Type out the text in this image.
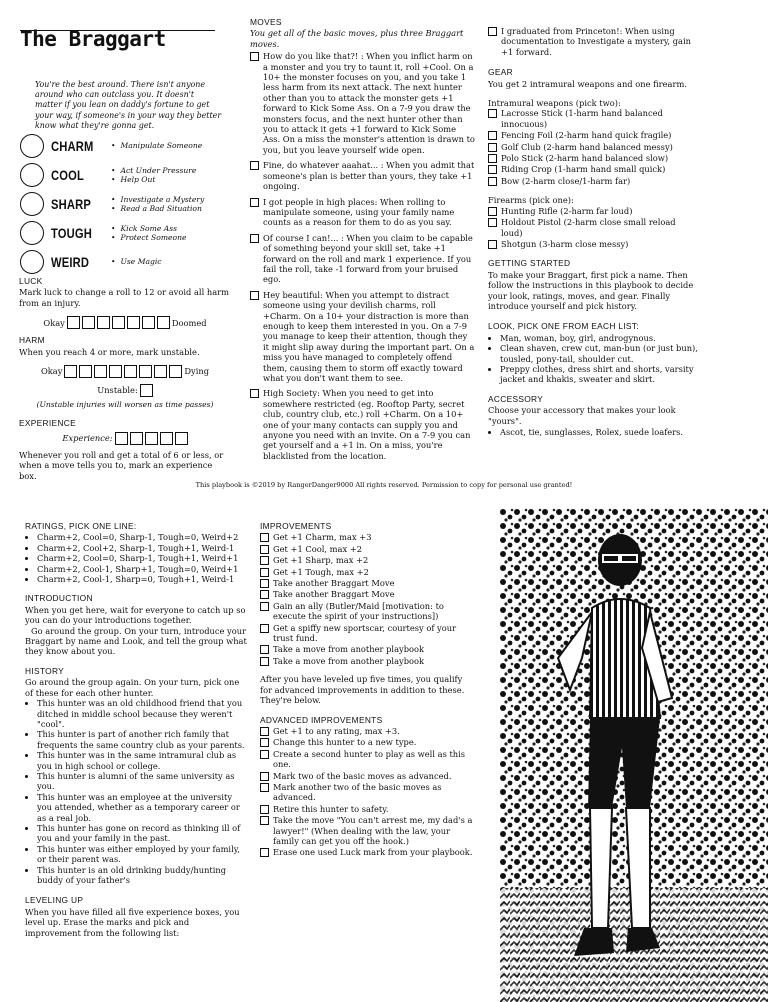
The Braggart
You're the best around. There isn't anyone around who can outclass you. It doesn't matter if you lean on daddy's fortune to get your way, if someone's in your way they better know what they're gonna get.
CHARM	• Manipulate Someone
COOL	• Act Under Pressure
• Help Out
SHARP	• Investigate a Mystery
• Read a Bad Situation
TOUGH	• Kick Some Ass
• Protect Someone
WEIRD	• Use Magic
LUCK

Mark luck to change a roll to 12 or avoid all harm from an injury.

Okay	Doomed
HARM

When you reach 4 or more, mark unstable.

Okay	Dying
Unstable:
(Unstable injuries will worsen as time passes)
EXPERIENCE
Experience:

Whenever you roll and get a total of 6 or less, or when a move tells you to, mark an experience box.

MOVES
You get all of the basic moves, plus three Braggart moves.
How do you like that?! : When you inflict harm on a monster and you try to taunt it, roll +Cool. On a 10+ the monster focuses on you, and you take 1 less harm from its next attack. The next hunter other than you to attack the monster gets +1 forward to Kick Some Ass. On a 7-9 you draw the monsters focus, and the next hunter other than you to attack it gets +1 forward to Kick Some Ass. On a miss the monster's attention is drawn to you, but you leave yourself wide open.
Fine, do whatever aaahat... : When you admit that someone's plan is better than yours, they take +1 ongoing.
I got people in high places: When rolling to manipulate someone, using your family name counts as a reason for them to do as you say.
Of course I can!... : When you claim to be capable of something beyond your skill set, take +1 forward on the roll and mark 1 experience. If you fail the roll, take -1 forward from your bruised ego.
Hey beautiful: When you attempt to distract someone using your devilish charms, roll +Charm. On a 10+ your distraction is more than enough to keep them interested in you. On a 7-9 you manage to keep their attention, though they it might slip away during the important part. On a miss you have managed to completely offend them, causing them to storm off exactly toward what you don't want them to see.
High Society: When you need to get into somewhere restricted (eg. Rooftop Party, secret club, country club, etc.) roll +Charm. On a 10+ one of your many contacts can supply you and anyone you need with an invite. On a 7-9 you can get yourself and a +1 in. On a miss, you're blacklisted from the location.
I graduated from Princeton!: When using documentation to Investigate a mystery, gain +1 forward.
GEAR

You get 2 intramural weapons and one firearm.

Intramural weapons (pick two):
Lacrosse Stick (1-harm hand balanced innocuous)
Fencing Foil (2-harm hand quick fragile)
Golf Club (2-harm hand balanced messy)
Polo Stick (2-harm hand balanced slow)
Riding Crop (1-harm hand small quick)
Bow (2-harm close/1-harm far)
Firearms (pick one):
Hunting Rifle (2-harm far loud)
Holdout Pistol (2-harm close small reload loud)
Shotgun (3-harm close messy)
GETTING STARTED

To make your Braggart, first pick a name. Then follow the instructions in this playbook to decide your look, ratings, moves, and gear. Finally introduce yourself and pick history.

LOOK, PICK ONE FROM EACH LIST:
• Man, woman, boy, girl, androgynous.
• Clean shaven, crew cut, man-bun (or just bun), tousled, pony-tail, shoulder cut.
• Preppy clothes, dress shirt and shorts, varsity jacket and khakis, sweater and skirt.
ACCESSORY

Choose your accessory that makes your look "yours".

• Ascot, tie, sunglasses, Rolex, suede loafers.
This playbook is ©2019 by RangerDanger9000 All rights reserved. Permission to copy for personal use granted!
RATINGS, PICK ONE LINE:
• Charm+2, Cool=0, Sharp-1, Tough=0, Weird+2
• Charm+2, Cool+2, Sharp-1, Tough+1, Weird-1
• Charm+2, Cool=0, Sharp-1, Tough+1, Weird+1
• Charm+2, Cool-1, Sharp+1, Tough=0, Weird+1
• Charm+2, Cool-1, Sharp=0, Tough+1, Weird-1
INTRODUCTION

When you get here, wait for everyone to catch up so you can do your introductions together.

Go around the group. On your turn, introduce your Braggart by name and Look, and tell the group what they know about you.

HISTORY

Go around the group again. On your turn, pick one of these for each other hunter.

• This hunter was an old childhood friend that you ditched in middle school because they weren't "cool".
• This hunter is part of another rich family that frequents the same country club as your parents.
• This hunter was in the same intramural club as you in high school or college.
• This hunter is alumni of the same university as you.
• This hunter was an employee at the university you attended, whether as a temporary career or as a real job.
• This hunter has gone on record as thinking ill of you and your family in the past.
• This hunter was either employed by your family, or their parent was.
• This hunter is an old drinking buddy/hunting buddy of your father's
LEVELING UP

When you have filled all five experience boxes, you level up. Erase the marks and pick and improvement from the following list:

IMPROVEMENTS
Get +1 Charm, max +3
Get +1 Cool, max +2
Get +1 Sharp, max +2
Get +1 Tough, max +2
Take another Braggart Move
Take another Braggart Move
Gain an ally (Butler/Maid [motivation: to execute the spirit of your instructions])
Get a spiffy new sportscar, courtesy of your trust fund.
Take a move from another playbook
Take a move from another playbook

After you have leveled up five times, you qualify for advanced improvements in addition to these. They're below.

ADVANCED IMPROVEMENTS
Get +1 to any rating, max +3.
Change this hunter to a new type.
Create a second hunter to play as well as this one.
Mark two of the basic moves as advanced.
Mark another two of the basic moves as advanced.
Retire this hunter to safety.
Take the move "You can't arrest me, my dad's a lawyer!" (When dealing with the law, your family can get you off the hook.)
Erase one used Luck mark from your playbook.
